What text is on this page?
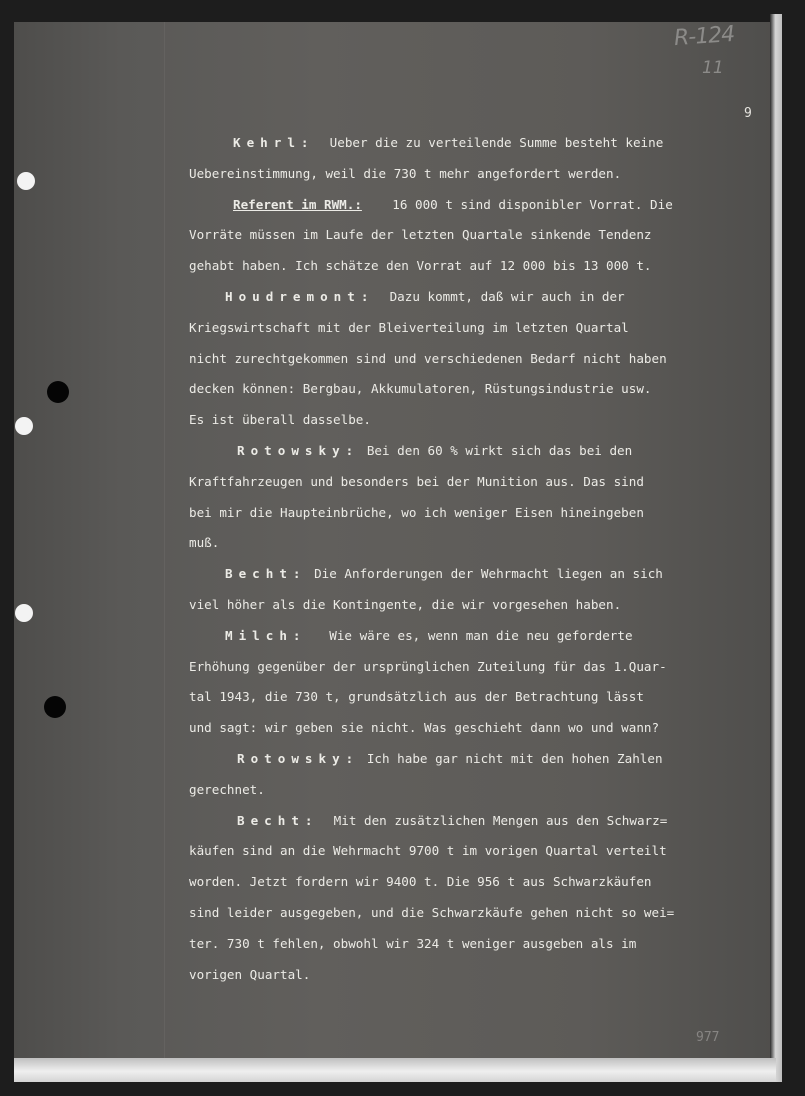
R-124
11
9
977
Kehrl: Ueber die zu verteilende Summe besteht keine
Uebereinstimmung, weil die 730 t mehr angefordert werden.
Referent im RWM.: 16 000 t sind disponibler Vorrat. Die
Vorräte müssen im Laufe der letzten Quartale sinkende Tendenz
gehabt haben. Ich schätze den Vorrat auf 12 000 bis 13 000 t.
Houdremont: Dazu kommt, daß wir auch in der
Kriegswirtschaft mit der Bleiverteilung im letzten Quartal
nicht zurechtgekommen sind und verschiedenen Bedarf nicht haben
decken können: Bergbau, Akkumulatoren, Rüstungsindustrie usw.
Es ist überall dasselbe.
Rotowsky: Bei den 60 % wirkt sich das bei den
Kraftfahrzeugen und besonders bei der Munition aus. Das sind
bei mir die Haupteinbrüche, wo ich weniger Eisen hineingeben
muß.
Becht: Die Anforderungen der Wehrmacht liegen an sich
viel höher als die Kontingente, die wir vorgesehen haben.
Milch: Wie wäre es, wenn man die neu geforderte
Erhöhung gegenüber der ursprünglichen Zuteilung für das 1.Quar-
tal 1943, die 730 t, grundsätzlich aus der Betrachtung lässt
und sagt: wir geben sie nicht. Was geschieht dann wo und wann?
Rotowsky: Ich habe gar nicht mit den hohen Zahlen
gerechnet.
Becht: Mit den zusätzlichen Mengen aus den Schwarz=
käufen sind an die Wehrmacht 9700 t im vorigen Quartal verteilt
worden. Jetzt fordern wir 9400 t. Die 956 t aus Schwarzkäufen
sind leider ausgegeben, und die Schwarzkäufe gehen nicht so wei=
ter. 730 t fehlen, obwohl wir 324 t weniger ausgeben als im
vorigen Quartal.
